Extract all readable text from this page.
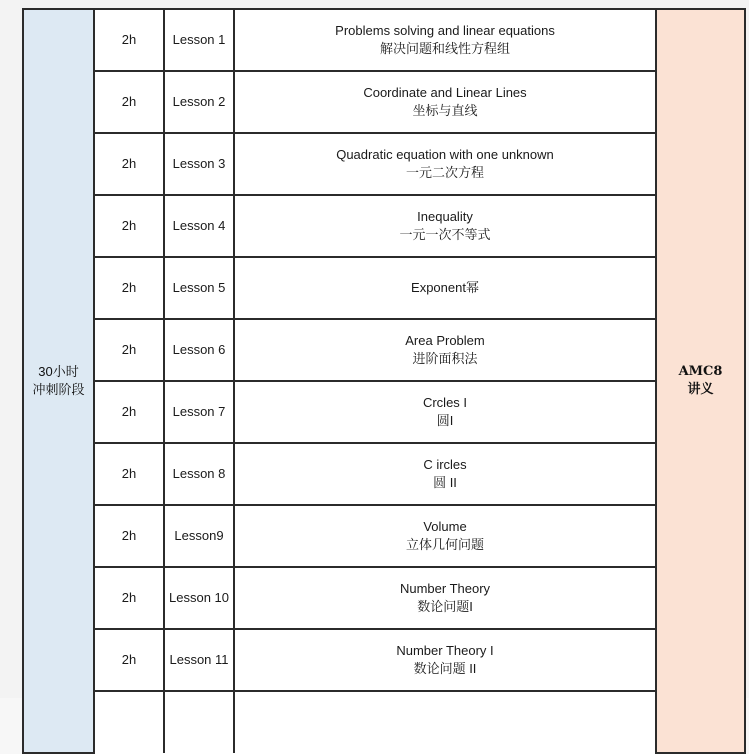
30小时
冲刺阶段	2h	Lesson 1	Problems solving and linear equations
解决问题和线性方程组	AMC8
讲义
	2h	Lesson 2	Coordinate and Linear Lines
坐标与直线	

	2h	Lesson 3	Quadratic equation with one unknown
一元二次方程	

	2h	Lesson 4	Inequality
一元一次不等式	

	2h	Lesson 5	Exponent幂	

	2h	Lesson 6	Area Problem
进阶面积法	

	2h	Lesson 7	Crcles I
圆I	

	2h	Lesson 8	C ircles
圆 II	

	2h	Lesson9	Volume
立体几何问题	

	2h	Lesson 10	Number Theory
数论问题I	

	2h	Lesson 11	Number Theory I
数论问题 II	
